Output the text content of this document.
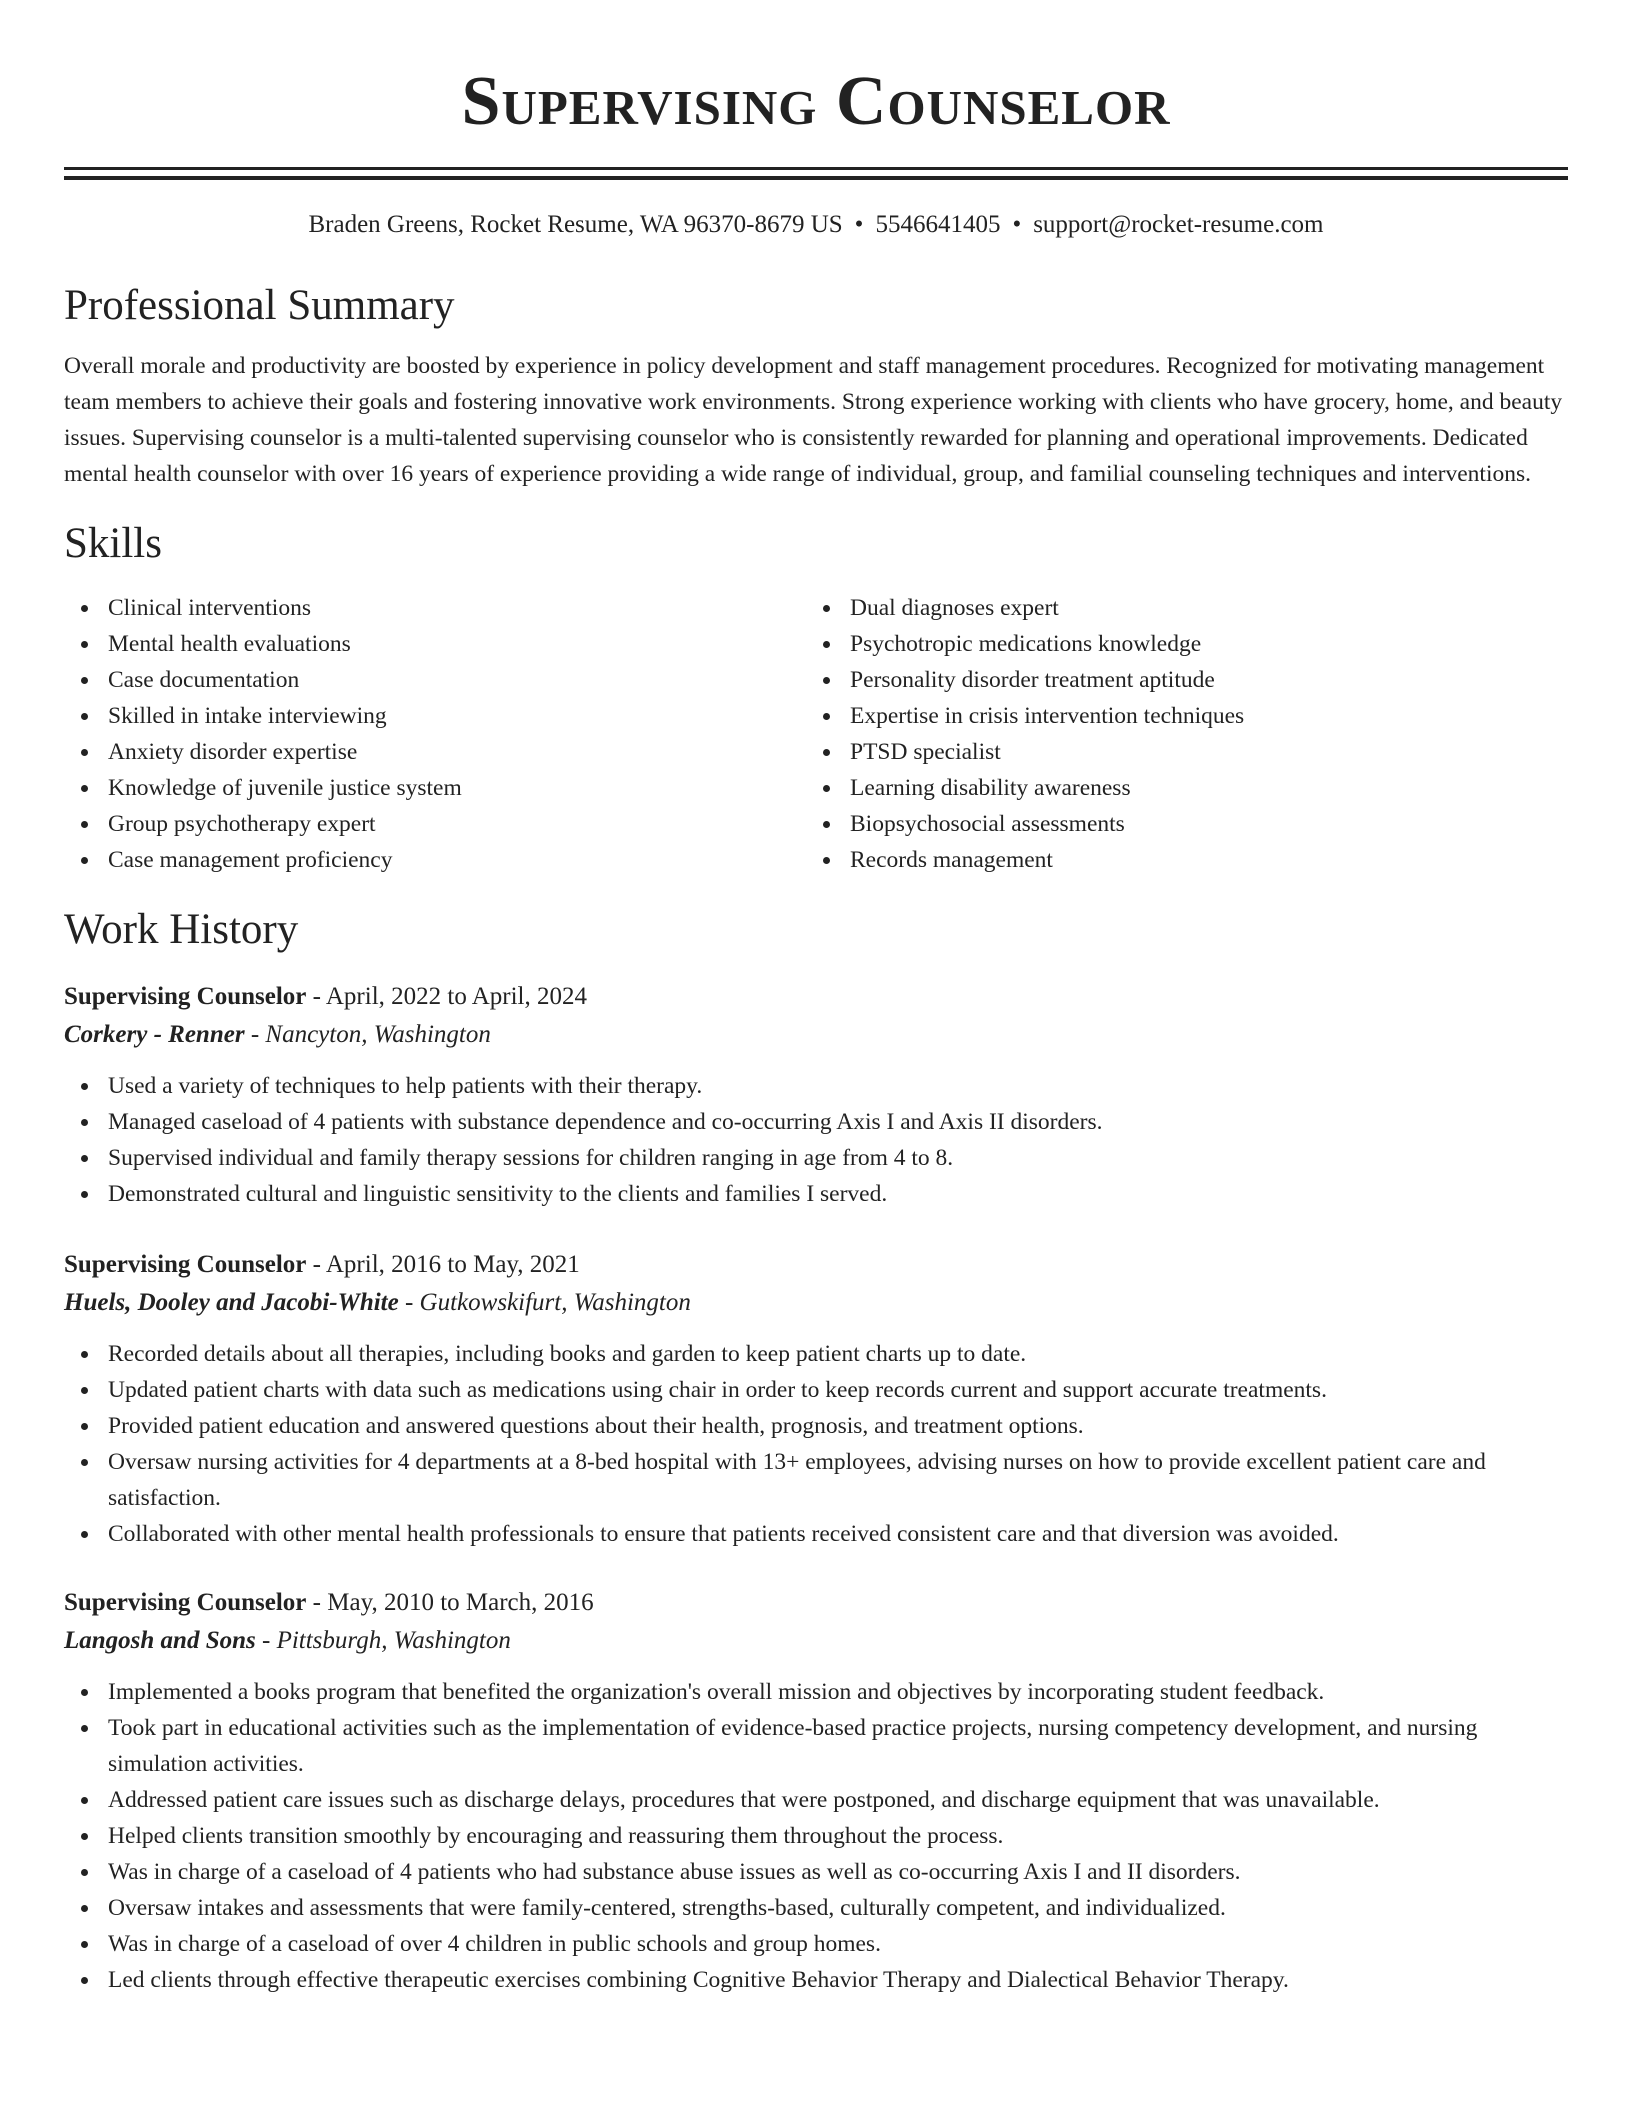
Supervising Counselor
Braden Greens, Rocket Resume, WA 96370-8679 US • 5546641405 • support@rocket-resume.com
Professional Summary

Overall morale and productivity are boosted by experience in policy development and staff management procedures. Recognized for motivating management team members to achieve their goals and fostering innovative work environments. Strong experience working with clients who have grocery, home, and beauty issues. Supervising counselor is a multi-talented supervising counselor who is consistently rewarded for planning and operational improvements. Dedicated mental health counselor with over 16 years of experience providing a wide range of individual, group, and familial counseling techniques and interventions.

Skills
Clinical interventions
Mental health evaluations
Case documentation
Skilled in intake interviewing
Anxiety disorder expertise
Knowledge of juvenile justice system
Group psychotherapy expert
Case management proficiency
Dual diagnoses expert
Psychotropic medications knowledge
Personality disorder treatment aptitude
Expertise in crisis intervention techniques
PTSD specialist
Learning disability awareness
Biopsychosocial assessments
Records management
Work History
Supervising Counselor - April, 2022 to April, 2024
Corkery - Renner - Nancyton, Washington
Used a variety of techniques to help patients with their therapy.
Managed caseload of 4 patients with substance dependence and co-occurring Axis I and Axis II disorders.
Supervised individual and family therapy sessions for children ranging in age from 4 to 8.
Demonstrated cultural and linguistic sensitivity to the clients and families I served.
Supervising Counselor - April, 2016 to May, 2021
Huels, Dooley and Jacobi-White - Gutkowskifurt, Washington
Recorded details about all therapies, including books and garden to keep patient charts up to date.
Updated patient charts with data such as medications using chair in order to keep records current and support accurate treatments.
Provided patient education and answered questions about their health, prognosis, and treatment options.
Oversaw nursing activities for 4 departments at a 8-bed hospital with 13+ employees, advising nurses on how to provide excellent patient care and satisfaction.
Collaborated with other mental health professionals to ensure that patients received consistent care and that diversion was avoided.
Supervising Counselor - May, 2010 to March, 2016
Langosh and Sons - Pittsburgh, Washington
Implemented a books program that benefited the organization's overall mission and objectives by incorporating student feedback.
Took part in educational activities such as the implementation of evidence-based practice projects, nursing competency development, and nursing simulation activities.
Addressed patient care issues such as discharge delays, procedures that were postponed, and discharge equipment that was unavailable.
Helped clients transition smoothly by encouraging and reassuring them throughout the process.
Was in charge of a caseload of 4 patients who had substance abuse issues as well as co-occurring Axis I and II disorders.
Oversaw intakes and assessments that were family-centered, strengths-based, culturally competent, and individualized.
Was in charge of a caseload of over 4 children in public schools and group homes.
Led clients through effective therapeutic exercises combining Cognitive Behavior Therapy and Dialectical Behavior Therapy.
